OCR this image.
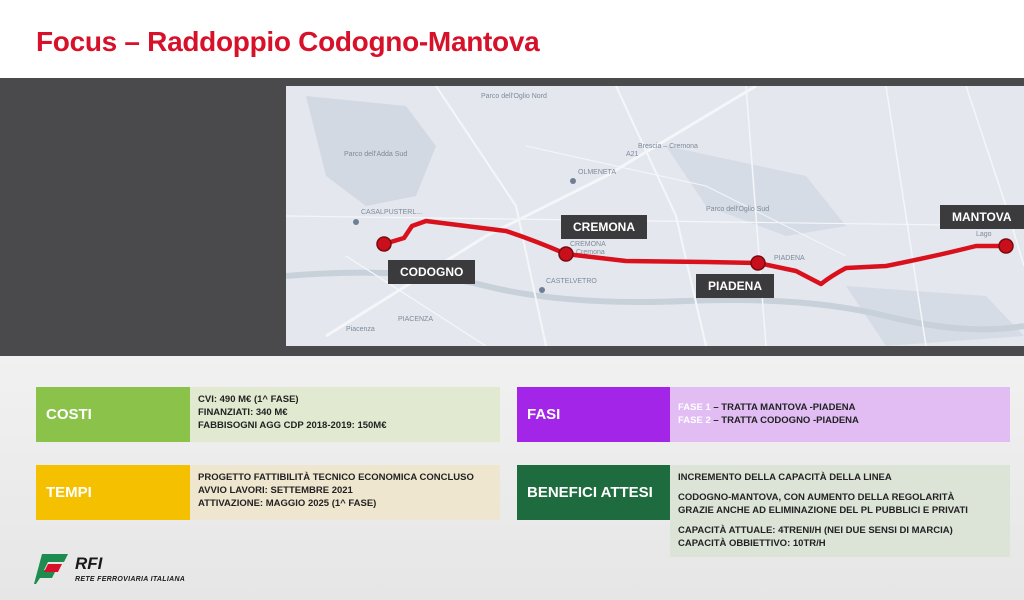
Focus – Raddoppio Codogno-Mantova
Parco dell'Adda Sud
Parco dell'Oglio Nord
Parco dell'Oglio Sud
OLMENETA
CASALPUSTERL...
CASTELVETRO
PIACENZA
Piacenza
CREMONA
Cremona
PIADENA
Brescia – Cremona
A21
Lago
CODOGNO
CREMONA
PIADENA
MANTOVA
COSTI
CVI: 490 M€ (1^ FASE)
FINANZIATI: 340 M€
FABBISOGNI AGG CDP 2018-2019: 150M€
TEMPI
PROGETTO FATTIBILITÀ TECNICO ECONOMICA CONCLUSO
AVVIO LAVORI: SETTEMBRE 2021
ATTIVAZIONE: MAGGIO 2025 (1^ FASE)
FASI	FASE 1 – TRATTA MANTOVA -PIADENA
FASE 2 – TRATTA CODOGNO -PIADENA
BENEFICI ATTESI
INCREMENTO DELLA CAPACITÀ DELLA LINEA
CODOGNO-MANTOVA, CON AUMENTO DELLA REGOLARITÀ
GRAZIE ANCHE AD ELIMINAZIONE DEL PL PUBBLICI E PRIVATI
CAPACITÀ ATTUALE: 4TRENI/H (NEI DUE SENSI DI MARCIA)
CAPACITÀ OBBIETTIVO: 10TR/H
RFI
RETE FERROVIARIA ITALIANA
